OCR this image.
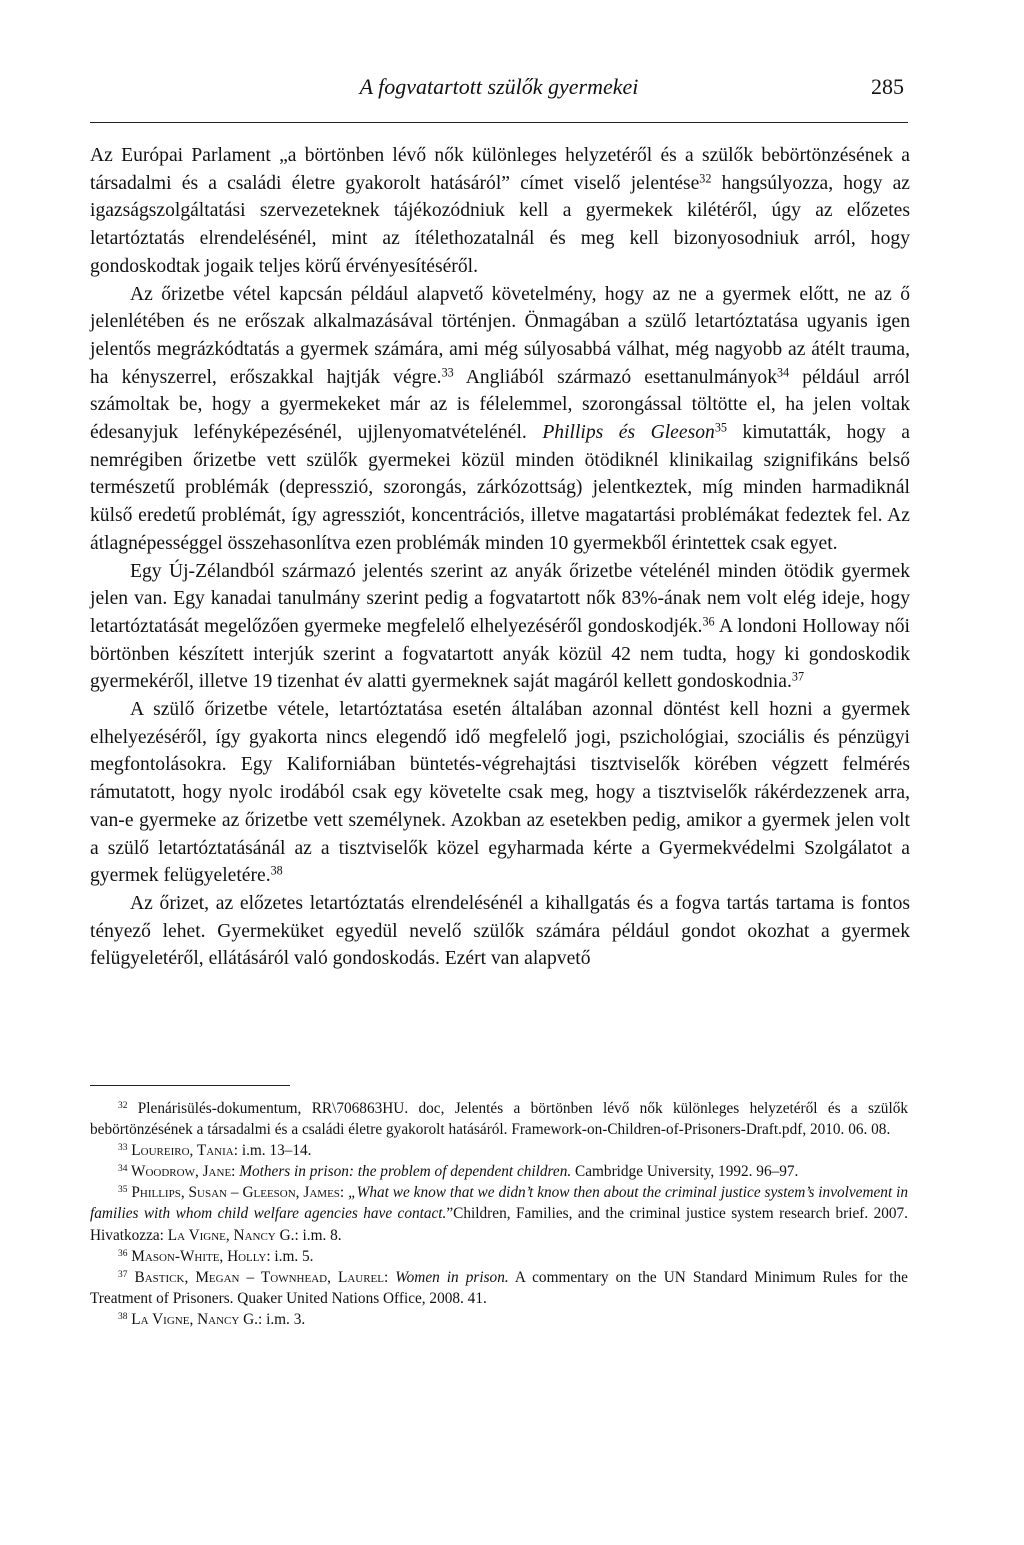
A fogvatartott szülők gyermekei	285

Az Európai Parlament „a börtönben lévő nők különleges helyzetéről és a szülők bebörtönzésének a társadalmi és a családi életre gyakorolt hatásáról” címet viselő jelentése$^{32}$ hangsúlyozza, hogy az igazságszolgáltatási szervezeteknek tájékozódniuk kell a gyermekek kilétéről, úgy az előzetes letartóztatás elrendelésénél, mint az ítélethozatalnál és meg kell bizonyosodniuk arról, hogy gondoskodtak jogaik teljes körű érvényesítéséről.

Az őrizetbe vétel kapcsán például alapvető követelmény, hogy az ne a gyermek előtt, ne az ő jelenlétében és ne erőszak alkalmazásával történjen. Önmagában a szülő letartóztatása ugyanis igen jelentős megrázkódtatás a gyermek számára, ami még súlyosabbá válhat, még nagyobb az átélt trauma, ha kényszerrel, erőszakkal hajtják végre.$^{33}$ Angliából származó esettanulmányok$^{34}$ például arról számoltak be, hogy a gyermekeket már az is félelemmel, szorongással töltötte el, ha jelen voltak édesanyjuk lefényképezésénél, ujjlenyomatvételénél. Phillips és Gleeson$^{35}$ kimutatták, hogy a nemrégiben őrizetbe vett szülők gyermekei közül minden ötödiknél klinikailag szignifikáns belső természetű problémák (depresszió, szorongás, zárkózottság) jelentkeztek, míg minden harmadiknál külső eredetű problémát, így agressziót, koncentrációs, illetve magatartási problémákat fedeztek fel. Az átlagnépességgel összehasonlítva ezen problémák minden 10 gyermekből érintettek csak egyet.

Egy Új-Zélandból származó jelentés szerint az anyák őrizetbe vételénél minden ötödik gyermek jelen van. Egy kanadai tanulmány szerint pedig a fogvatartott nők 83%-ának nem volt elég ideje, hogy letartóztatását megelőzően gyermeke megfelelő elhelyezéséről gondoskodjék.$^{36}$ A londoni Holloway női börtönben készített interjúk szerint a fogvatartott anyák közül 42 nem tudta, hogy ki gondoskodik gyermekéről, illetve 19 tizenhat év alatti gyermeknek saját magáról kellett gondoskodnia.$^{37}$

A szülő őrizetbe vétele, letartóztatása esetén általában azonnal döntést kell hozni a gyermek elhelyezéséről, így gyakorta nincs elegendő idő megfelelő jogi, pszichológiai, szociális és pénzügyi megfontolásokra. Egy Kaliforniában büntetés-végrehajtási tisztviselők körében végzett felmérés rámutatott, hogy nyolc irodából csak egy követelte csak meg, hogy a tisztviselők rákérdezzenek arra, van-e gyermeke az őrizetbe vett személynek. Azokban az esetekben pedig, amikor a gyermek jelen volt a szülő letartóztatásánál az a tisztviselők közel egyharmada kérte a Gyermekvédelmi Szolgálatot a gyermek felügyeletére.$^{38}$

Az őrizet, az előzetes letartóztatás elrendelésénél a kihallgatás és a fogva tartás tartama is fontos tényező lehet. Gyermeküket egyedül nevelő szülők számára például gondot okozhat a gyermek felügyeletéről, ellátásáról való gondoskodás. Ezért van alapvető

$^{32}$ Plenárisülés-dokumentum, RR\706863HU. doc, Jelentés a börtönben lévő nők különleges helyzetéről és a szülők bebörtönzésének a társadalmi és a családi életre gyakorolt hatásáról. Framework-on-Children-of-Prisoners-Draft.pdf, 2010. 06. 08.

$^{33}$ Loureiro, Tania: i.m. 13–14.

$^{34}$ Woodrow, Jane: Mothers in prison: the problem of dependent children. Cambridge University, 1992. 96–97.

$^{35}$ Phillips, Susan – Gleeson, James: „What we know that we didn’t know then about the criminal justice system’s involvement in families with whom child welfare agencies have contact.”Children, Families, and the criminal justice system research brief. 2007. Hivatkozza: La Vigne, Nancy G.: i.m. 8.

$^{36}$ Mason-White, Holly: i.m. 5.

$^{37}$ Bastick, Megan – Townhead, Laurel: Women in prison. A commentary on the UN Standard Minimum Rules for the Treatment of Prisoners. Quaker United Nations Office, 2008. 41.

$^{38}$ La Vigne, Nancy G.: i.m. 3.
